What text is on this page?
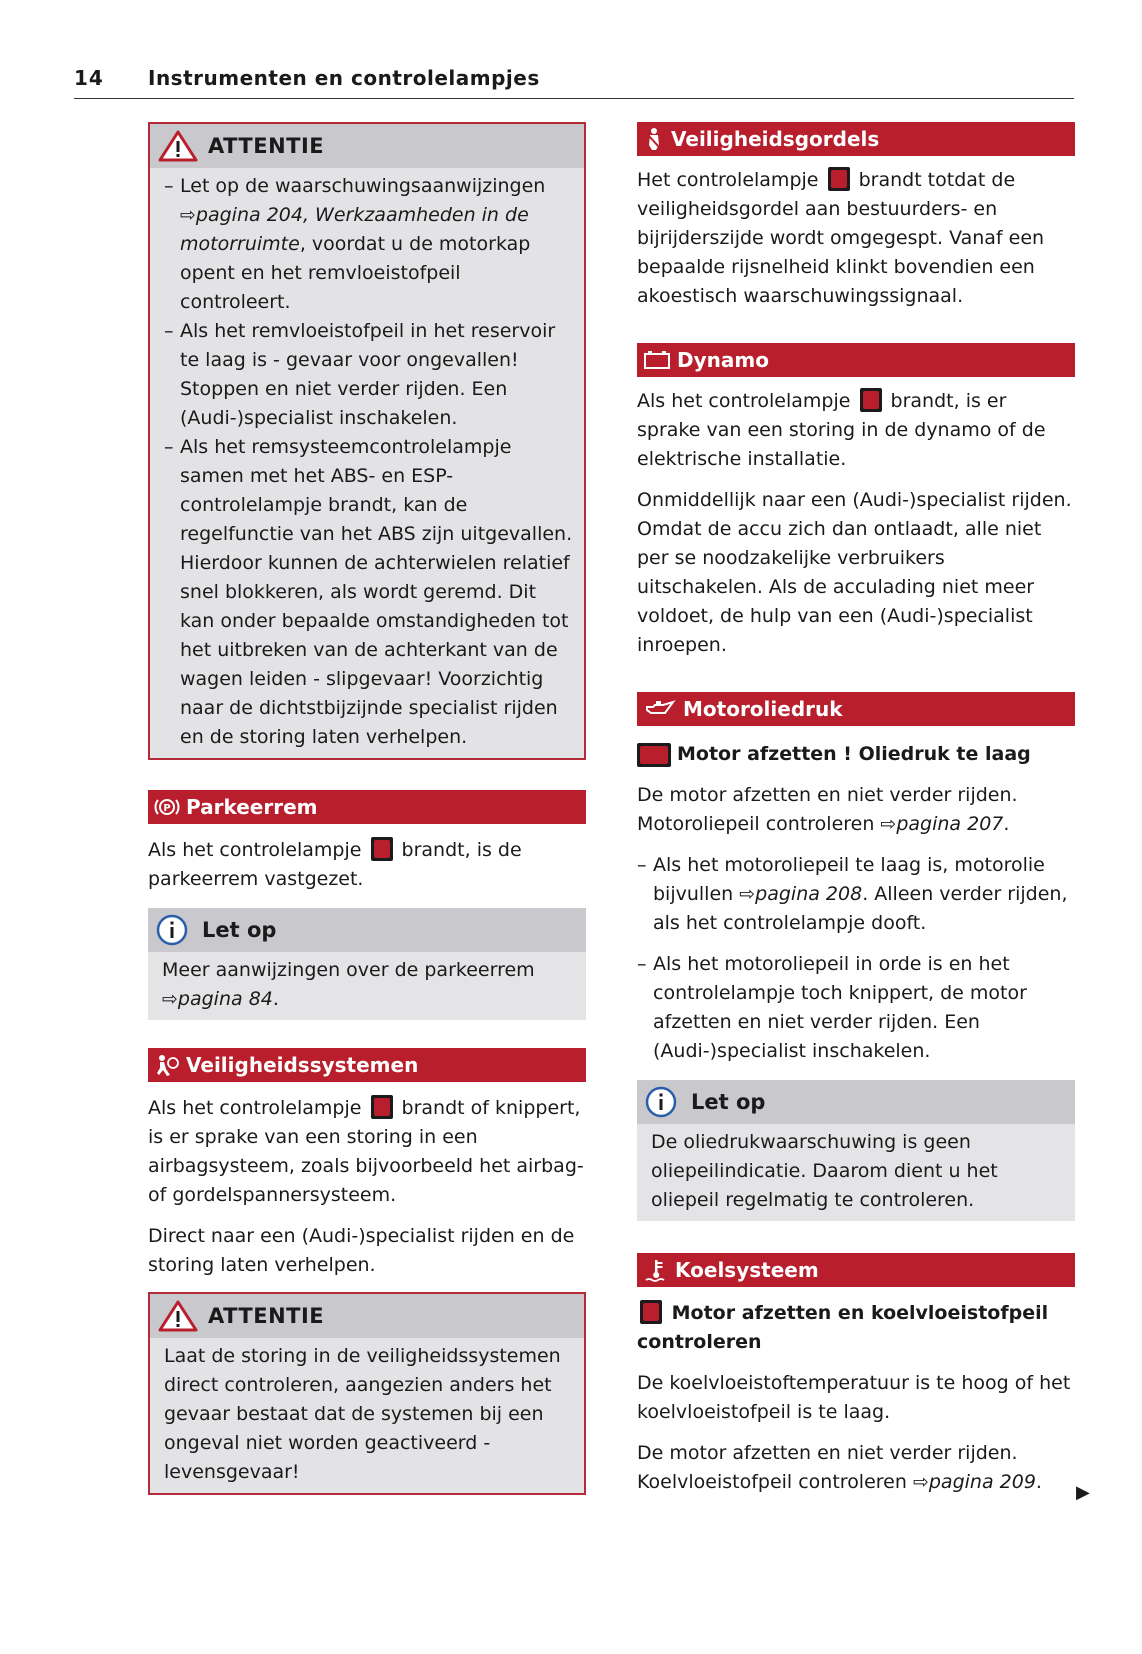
14 Instrumenten en controlelampjes
ATTENTIE
– Let op de waarschuwingsaanwijzingen ⇨pagina 204, Werkzaamheden in de motorruimte, voordat u de motorkap opent en het remvloeistofpeil controleert.
– Als het remvloeistofpeil in het reservoir te laag is - gevaar voor ongevallen! Stoppen en niet verder rijden. Een (Audi-)specialist inschakelen.
– Als het remsysteemcontrolelampje samen met het ABS- en ESP-controlelampje brandt, kan de regelfunctie van het ABS zijn uitgevallen. Hierdoor kunnen de achterwielen relatief snel blokkeren, als wordt geremd. Dit kan onder bepaalde omstandigheden tot het uitbreken van de achterkant van de wagen leiden - slipgevaar! Voorzichtig naar de dichtstbijzijnde specialist rijden en de storing laten verhelpen.
P Parkeerrem

Als het controlelampje brandt, is de parkeerrem vastgezet.

Let op

Meer aanwijzingen over de parkeerrem ⇨pagina 84.

Veiligheidssystemen

Als het controlelampje brandt of knippert, is er sprake van een storing in een airbagsysteem, zoals bijvoorbeeld het airbag- of gordelspannersysteem.

Direct naar een (Audi-)specialist rijden en de storing laten verhelpen.

ATTENTIE

Laat de storing in de veiligheidssystemen direct controleren, aangezien anders het gevaar bestaat dat de systemen bij een ongeval niet worden geactiveerd - levensgevaar!

Veiligheidsgordels

Het controlelampje brandt totdat de veiligheidsgordel aan bestuurders- en bijrijderszijde wordt omgegespt. Vanaf een bepaalde rijsnelheid klinkt bovendien een akoestisch waarschuwingssignaal.

Dynamo

Als het controlelampje brandt, is er sprake van een storing in de dynamo of de elektrische installatie.

Onmiddellijk naar een (Audi-)specialist rijden. Omdat de accu zich dan ontlaadt, alle niet per se noodzakelijke verbruikers uitschakelen. Als de acculading niet meer voldoet, de hulp van een (Audi-)specialist inroepen.

Motoroliedruk
Motor afzetten ! Oliedruk te laag

De motor afzetten en niet verder rijden. Motoroliepeil controleren ⇨pagina 207.

– Als het motoroliepeil te laag is, motorolie bijvullen ⇨pagina 208. Alleen verder rijden, als het controlelampje dooft.
– Als het motoroliepeil in orde is en het controlelampje toch knippert, de motor afzetten en niet verder rijden. Een (Audi-)specialist inschakelen.
Let op

De oliedrukwaarschuwing is geen oliepeilindicatie. Daarom dient u het oliepeil regelmatig te controleren.

Koelsysteem
Motor afzetten en koelvloeistofpeil controleren

De koelvloeistoftemperatuur is te hoog of het koelvloeistofpeil is te laag.

De motor afzetten en niet verder rijden. Koelvloeistofpeil controleren ⇨pagina 209.	▶
